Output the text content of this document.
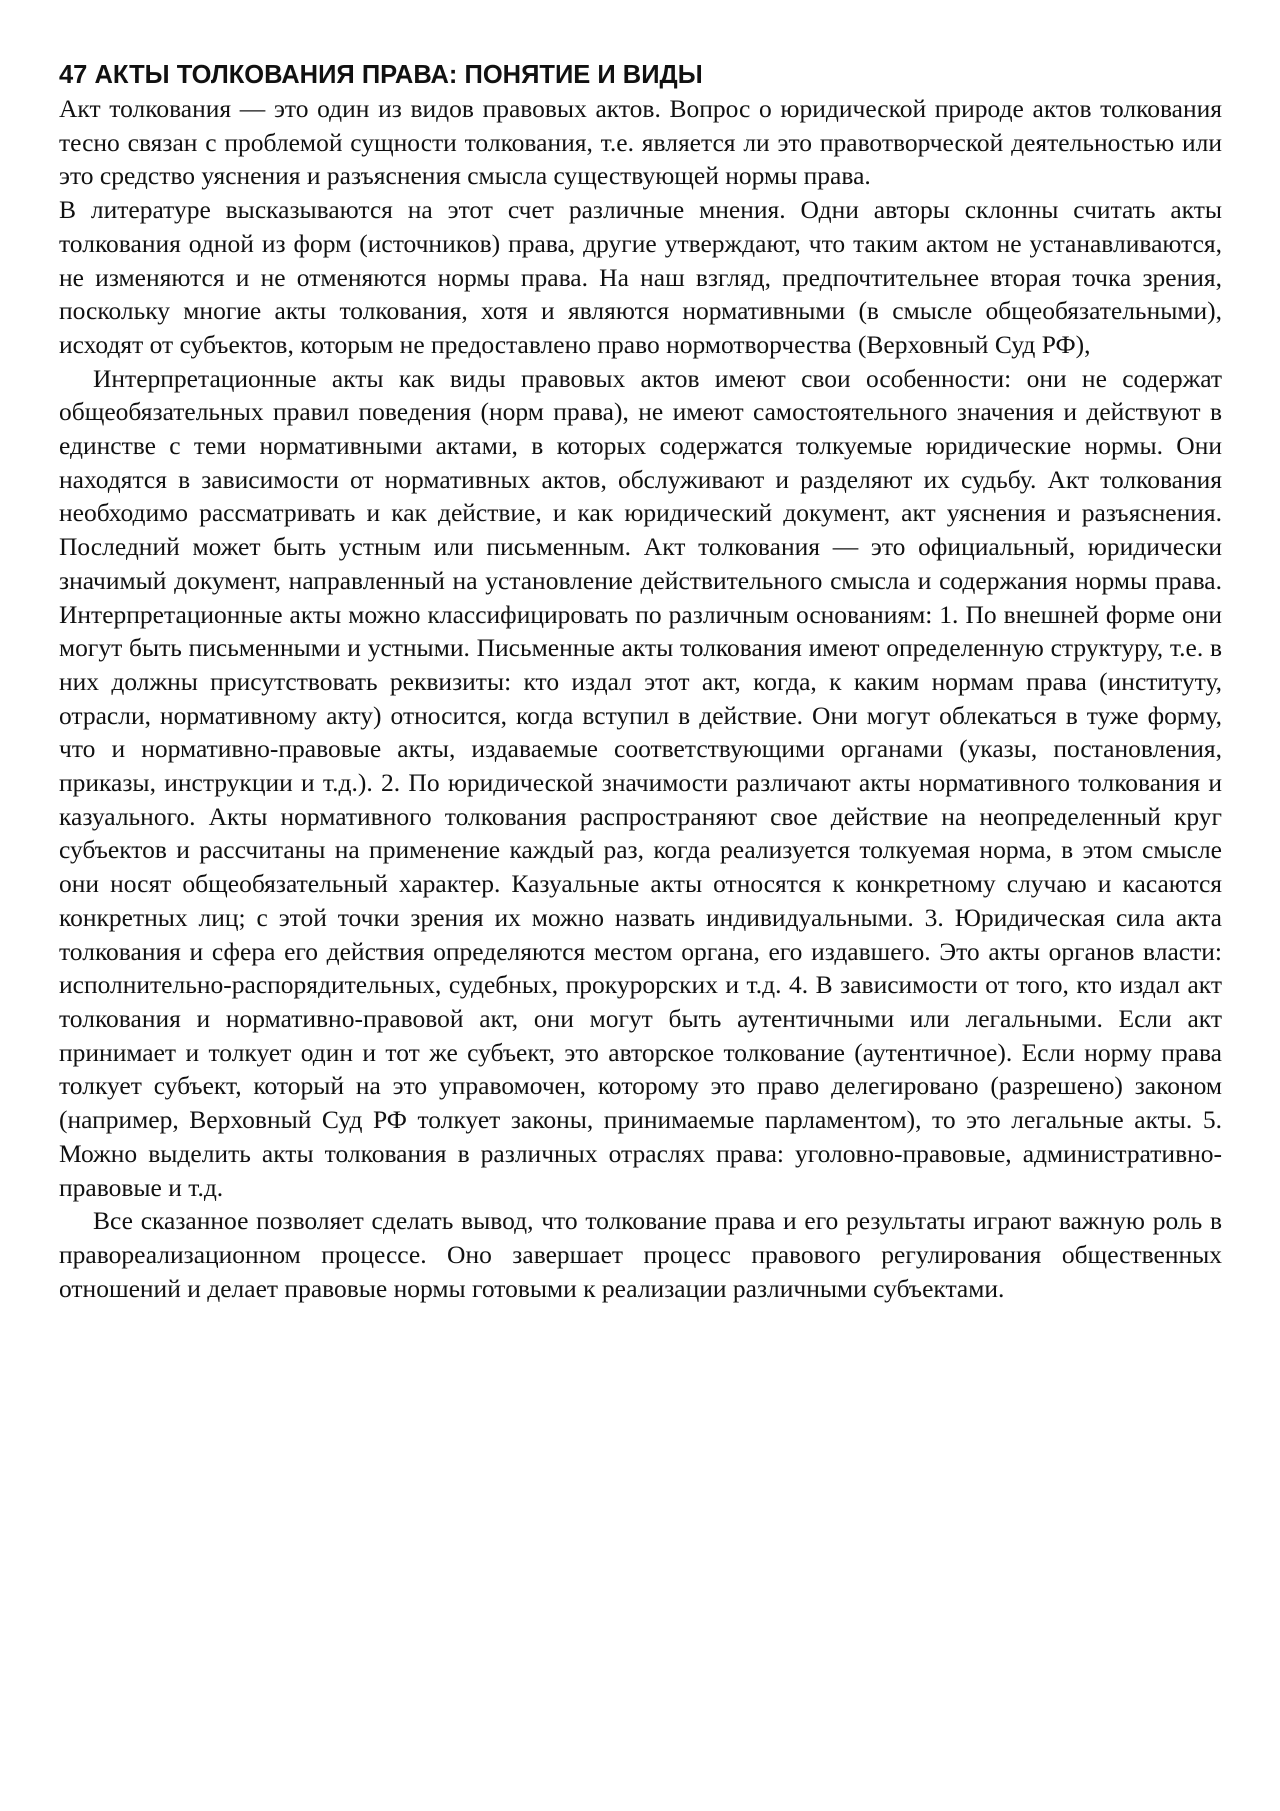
47 АКТЫ ТОЛКОВАНИЯ ПРАВА: ПОНЯТИЕ И ВИДЫ

Акт толкования — это один из видов правовых актов. Вопрос о юридической природе актов толкования тесно связан с проблемой сущности толкования, т.е. является ли это правотворческой деятельностью или это средство уяснения и разъяснения смысла существующей нормы права.

В литературе высказываются на этот счет различные мнения. Одни авторы склонны считать акты толкования одной из форм (источников) права, другие утверждают, что таким актом не устанавливаются, не изменяются и не отменяются нормы права. На наш взгляд, предпочтительнее вторая точка зрения, поскольку многие акты толкования, хотя и являются нормативными (в смысле общеобязательными), исходят от субъектов, которым не предоставлено право нормотворчества (Верховный Суд РФ),

Интерпретационные акты как виды правовых актов имеют свои особенности: они не содержат общеобязательных правил поведения (норм права), не имеют самостоятельного значения и действуют в единстве с теми нормативными актами, в которых содержатся толкуемые юридические нормы. Они находятся в зависимости от нормативных актов, обслуживают и разделяют их судьбу. Акт толкования необходимо рассматривать и как действие, и как юридический документ, акт уяснения и разъяснения. Последний может быть устным или письменным. Акт толкования — это официальный, юридически значимый документ, направленный на установление действительного смысла и содержания нормы права. Интерпретационные акты можно классифицировать по различным основаниям: 1. По внешней форме они могут быть письменными и устными. Письменные акты толкования имеют определенную структуру, т.е. в них должны присутствовать реквизиты: кто издал этот акт, когда, к каким нормам права (институту, отрасли, нормативному акту) относится, когда вступил в действие. Они могут облекаться в туже форму, что и нормативно-правовые акты, издаваемые соответствующими органами (указы, постановления, приказы, инструкции и т.д.). 2. По юридической значимости различают акты нормативного толкования и казуального. Акты нормативного толкования распространяют свое действие на неопределенный круг субъектов и рассчитаны на применение каждый раз, когда реализуется толкуемая норма, в этом смысле они носят общеобязательный характер. Казуальные акты относятся к конкретному случаю и касаются конкретных лиц; с этой точки зрения их можно назвать индивидуальными. 3. Юридическая сила акта толкования и сфера его действия определяются местом органа, его издавшего. Это акты органов власти: исполнительно-распорядительных, судебных, прокурорских и т.д. 4. В зависимости от того, кто издал акт толкования и нормативно-правовой акт, они могут быть аутентичными или легальными. Если акт принимает и толкует один и тот же субъект, это авторское толкование (аутентичное). Если норму права толкует субъект, который на это управомочен, которому это право делегировано (разрешено) законом (например, Верховный Суд РФ толкует законы, принимаемые парламентом), то это легальные акты. 5. Можно выделить акты толкования в различных отраслях права: уголовно-правовые, административно-правовые и т.д.

Все сказанное позволяет сделать вывод, что толкование права и его результаты играют важную роль в правореализационном процессе. Оно завершает процесс правового регулирования общественных отношений и делает правовые нормы готовыми к реализации различными субъектами.
